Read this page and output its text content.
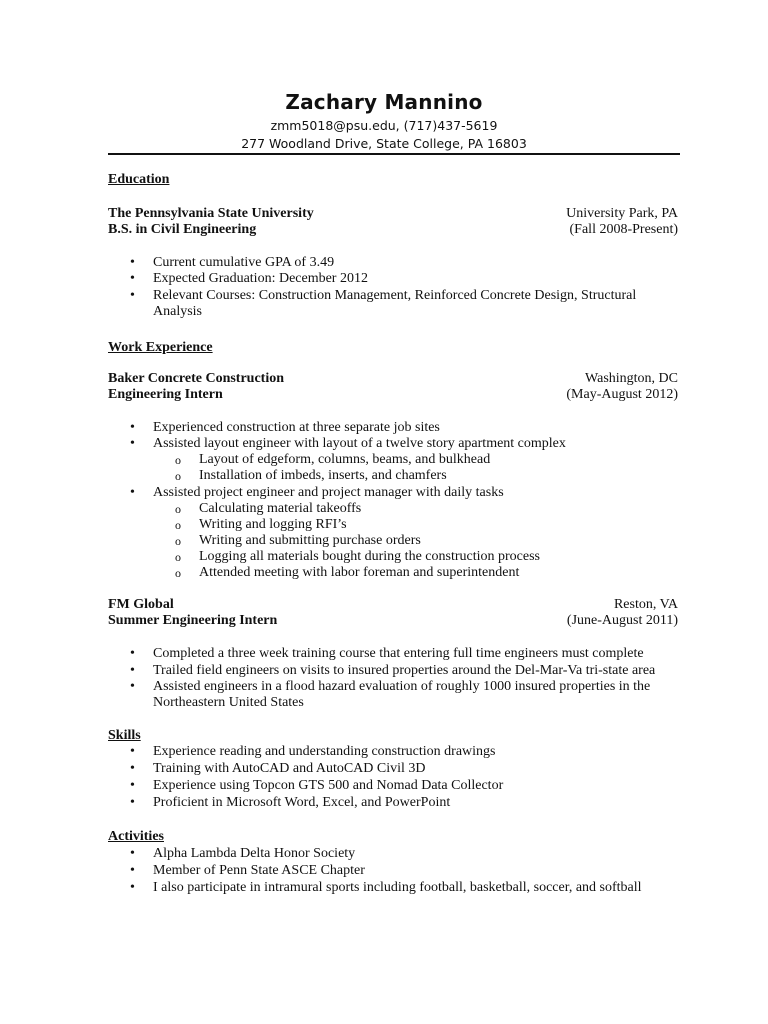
Zachary Mannino
zmm5018@psu.edu, (717)437-5619
277 Woodland Drive, State College, PA 16803
Education
The Pennsylvania State University	University Park, PA
B.S. in Civil Engineering	(Fall 2008-Present)
• Current cumulative GPA of 3.49
• Expected Graduation: December 2012
• Relevant Courses: Construction Management, Reinforced Concrete Design, Structural
Analysis
Work Experience
Baker Concrete Construction	Washington, DC
Engineering Intern	(May-August 2012)
• Experienced construction at three separate job sites
• Assisted layout engineer with layout of a twelve story apartment complex
o Layout of edgeform, columns, beams, and bulkhead
o Installation of imbeds, inserts, and chamfers
• Assisted project engineer and project manager with daily tasks
o Calculating material takeoffs
o Writing and logging RFI’s
o Writing and submitting purchase orders
o Logging all materials bought during the construction process
o Attended meeting with labor foreman and superintendent
FM Global	Reston, VA
Summer Engineering Intern	(June-August 2011)
• Completed a three week training course that entering full time engineers must complete
• Trailed field engineers on visits to insured properties around the Del-Mar-Va tri-state area
• Assisted engineers in a flood hazard evaluation of roughly 1000 insured properties in the
Northeastern United States
Skills
• Experience reading and understanding construction drawings
• Training with AutoCAD and AutoCAD Civil 3D
• Experience using Topcon GTS 500 and Nomad Data Collector
• Proficient in Microsoft Word, Excel, and PowerPoint
Activities
• Alpha Lambda Delta Honor Society
• Member of Penn State ASCE Chapter
• I also participate in intramural sports including football, basketball, soccer, and softball
